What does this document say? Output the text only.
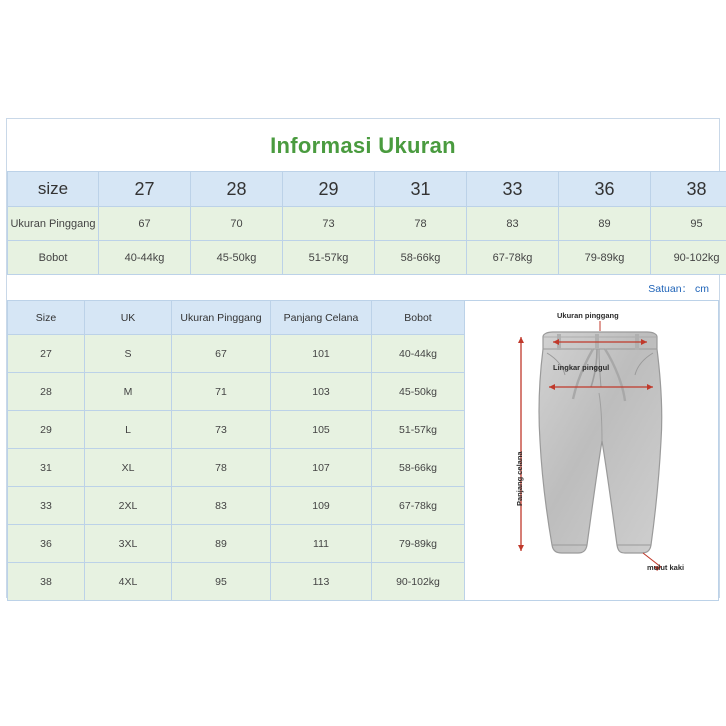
Informasi Ukuran
size	27	28	29	31	33	36	38
Ukuran Pinggang	67	70	73	78	83	89	95
Bobot	40-44kg	45-50kg	51-57kg	58-66kg	67-78kg	79-89kg	90-102kg
Satuan： cm
Size	UK	Ukuran Pinggang	Panjang Celana	Bobot
27	S	67	101	40-44kg
28	M	71	103	45-50kg
29	L	73	105	51-57kg
31	XL	78	107	58-66kg
33	2XL	83	109	67-78kg
36	3XL	89	111	79-89kg
38	4XL	95	113	90-102kg
Ukuran pinggang
Lingkar pinggul
Panjang celana
mulut kaki
